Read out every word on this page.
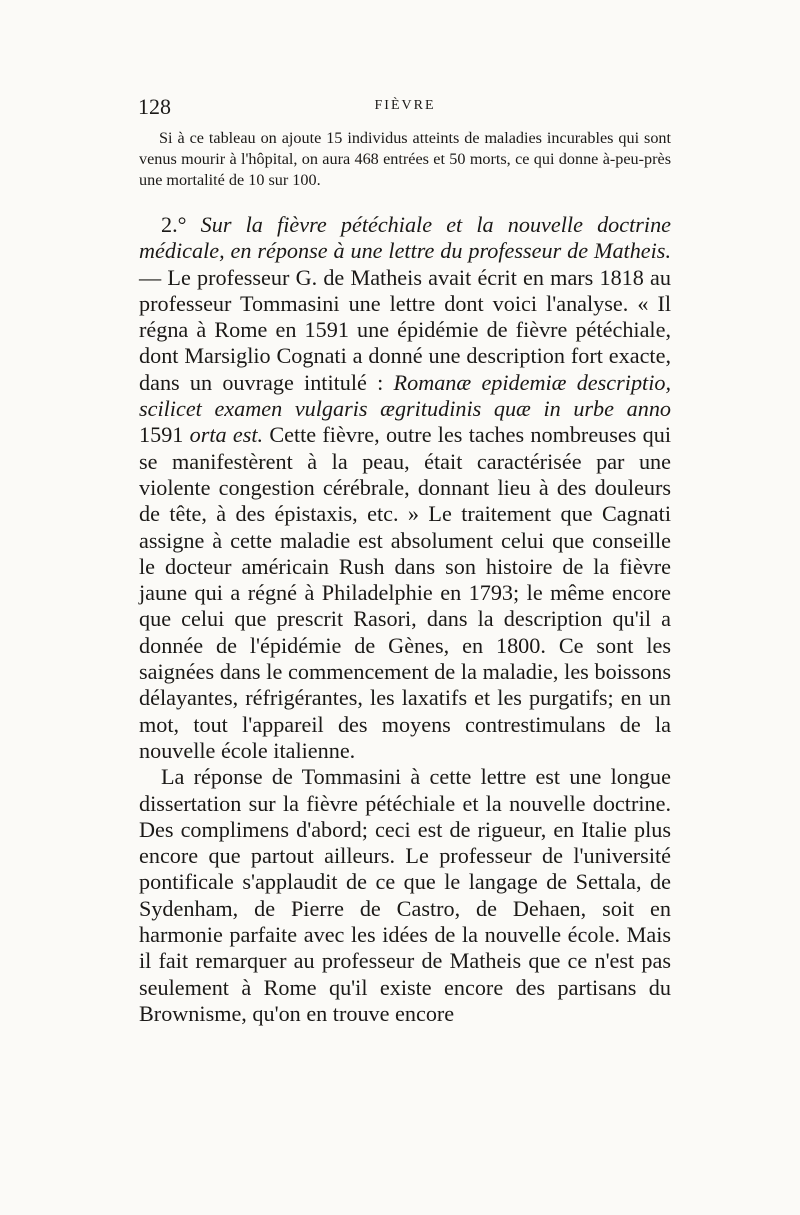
128	FIÈVRE

Si à ce tableau on ajoute 15 individus atteints de maladies incurables qui sont venus mourir à l'hôpital, on aura 468 entrées et 50 morts, ce qui donne à-peu-près une mortalité de 10 sur 100.

2.° Sur la fièvre pétéchiale et la nouvelle doctrine médicale, en réponse à une lettre du professeur de Matheis. — Le professeur G. de Matheis avait écrit en mars 1818 au professeur Tommasini une lettre dont voici l'analyse. « Il régna à Rome en 1591 une épidémie de fièvre pétéchiale, dont Marsiglio Cognati a donné une description fort exacte, dans un ouvrage intitulé : Romanæ epidemiæ descriptio, scilicet examen vulgaris ægritudinis quæ in urbe anno 1591 orta est. Cette fièvre, outre les taches nombreuses qui se manifestèrent à la peau, était caractérisée par une violente congestion cérébrale, donnant lieu à des douleurs de tête, à des épistaxis, etc. » Le traitement que Cagnati assigne à cette maladie est absolument celui que conseille le docteur américain Rush dans son histoire de la fièvre jaune qui a régné à Philadelphie en 1793; le même encore que celui que prescrit Rasori, dans la description qu'il a donnée de l'épidémie de Gènes, en 1800. Ce sont les saignées dans le commencement de la maladie, les boissons délayantes, réfrigérantes, les laxatifs et les purgatifs; en un mot, tout l'appareil des moyens contrestimulans de la nouvelle école italienne.

La réponse de Tommasini à cette lettre est une longue dissertation sur la fièvre pétéchiale et la nouvelle doctrine. Des complimens d'abord; ceci est de rigueur, en Italie plus encore que partout ailleurs. Le professeur de l'université pontificale s'applaudit de ce que le langage de Settala, de Sydenham, de Pierre de Castro, de Dehaen, soit en harmonie parfaite avec les idées de la nouvelle école. Mais il fait remarquer au professeur de Matheis que ce n'est pas seulement à Rome qu'il existe encore des partisans du Brownisme, qu'on en trouve encore
